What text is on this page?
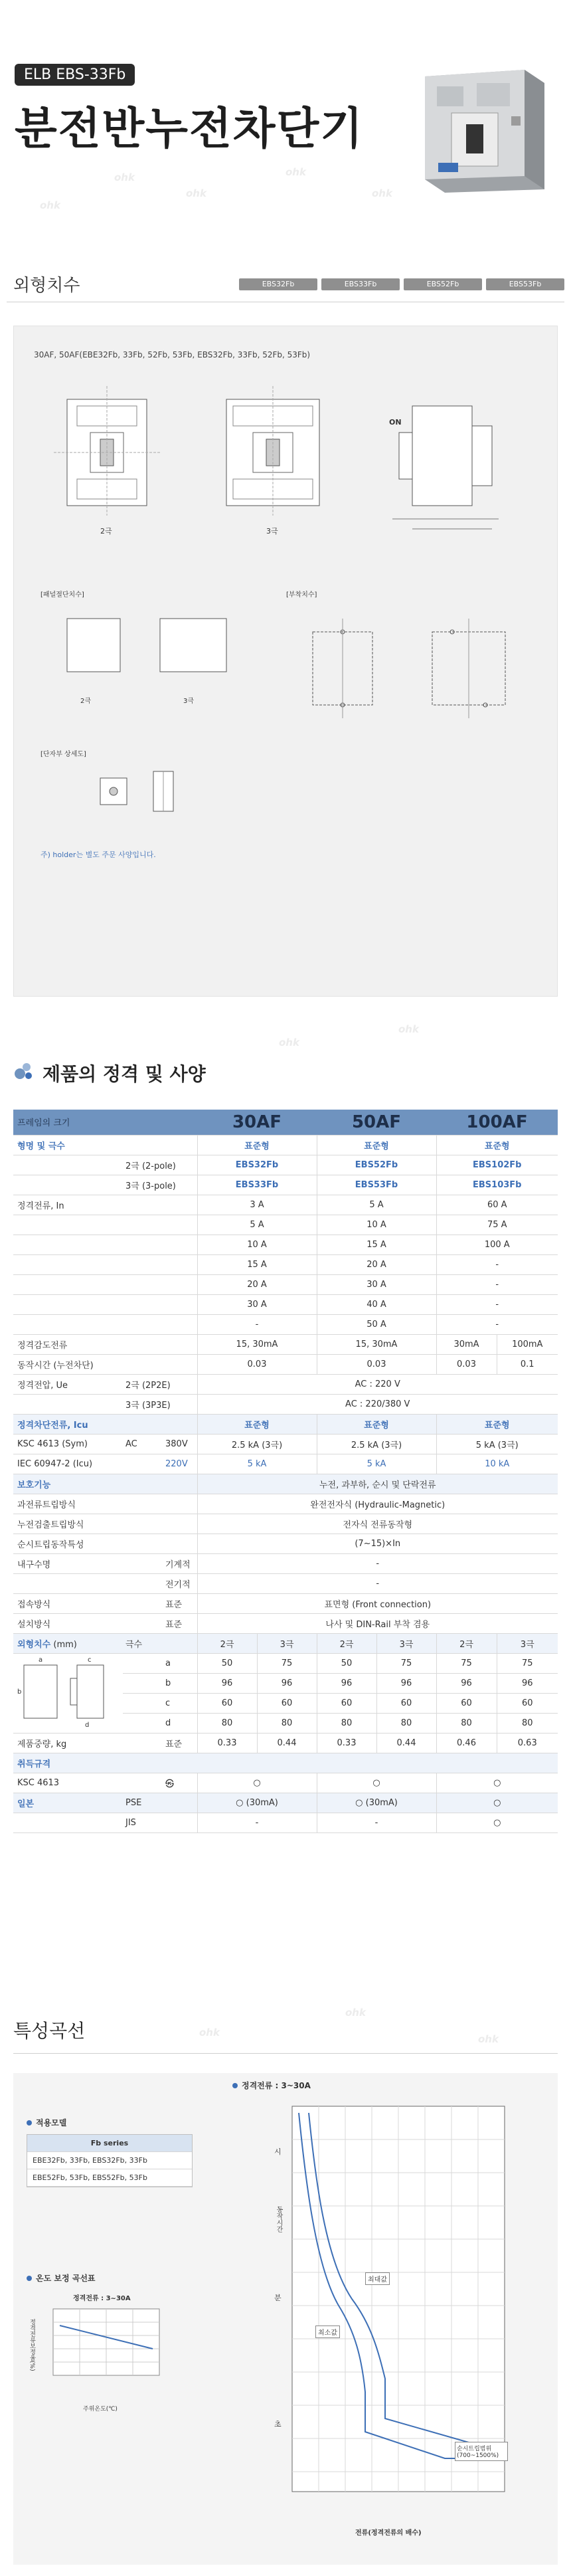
ELB EBS-33Fb
분전반누전차단기
ohk
ohk
ohk
ohk
ohk
ohk
ohk
ohk
ohk
ohk
외형치수	EBS32Fb	EBS33Fb	EBS52Fb	EBS53Fb
30AF, 50AF(EBE32Fb, 33Fb, 52Fb, 53Fb, EBS32Fb, 33Fb, 52Fb, 53Fb)
2극	3극
ON
[패널절단치수]
2극	3극
[부착치수]
[단자부 상세도]
주) holder는 별도 주문 사양입니다.
제품의 정격 및 사양
프레임의 크기			30AF		50AF		100AF	
형명 및 극수			표준형		표준형		표준형	
	2극 (2-pole)		EBS32Fb		EBS52Fb		EBS102Fb	
	3극 (3-pole)		EBS33Fb		EBS53Fb		EBS103Fb	
정격전류, In			3 A		5 A		60 A	
			5 A		10 A		75 A	
			10 A		15 A		100 A	
			15 A		20 A		-	
			20 A		30 A		-	
			30 A		40 A		-	
			-		50 A		-	
정격감도전류			15, 30mA		15, 30mA		30mA	100mA
동작시간 (누전차단)			0.03		0.03		0.03	0.1
정격전압, Ue	2극 (2P2E)		AC : 220 V					
	3극 (3P3E)		AC : 220/380 V					
정격차단전류, Icu			표준형		표준형		표준형	
KSC 4613 (Sym)	AC	380V	2.5 kA (3극)		2.5 kA (3극)		5 kA (3극)	
IEC 60947-2 (Icu)		220V	5 kA		5 kA		10 kA	
보호기능			누전, 과부하, 순시 및 단락전류					
과전류트립방식			완전전자식 (Hydraulic-Magnetic)					
누전검출트립방식			전자식 전류동작형					
순시트립동작특성			(7~15)×In					
내구수명		기계적	-					
		전기적	-					
접속방식		표준	표면형 (Front connection)					
설치방식		표준	나사 및 DIN-Rail 부착 겸용					
외형치수 (mm)	극수		2극	3극	2극	3극	2극	3극

a
b
c
d		a	50	75	50	75	75	75
		b	96	96	96	96	96	96
		c	60	60	60	60	60	60
		d	80	80	80	80	80	80
제품중량, kg		표준	0.33	0.44	0.33	0.44	0.46	0.63
취득규격								
KSC 4613		㉿	○		○		○	
일본	PSE		○ (30mA)		○ (30mA)		○	
	JIS		-		-		○	
특성곡선
적용모델
Fb series
EBE32Fb, 33Fb, EBS32Fb, 33Fb
EBE52Fb, 53Fb, EBS52Fb, 53Fb
온도 보정 곡선표
정격전류 : 3~30A
주위온도(℃)
정격전류보정율(%)
정격전류 : 3~30A
최대값
최소값
순시트립범위 (700~1500%)
전류(정격전류의 배수)
시
분
초
동작시간
